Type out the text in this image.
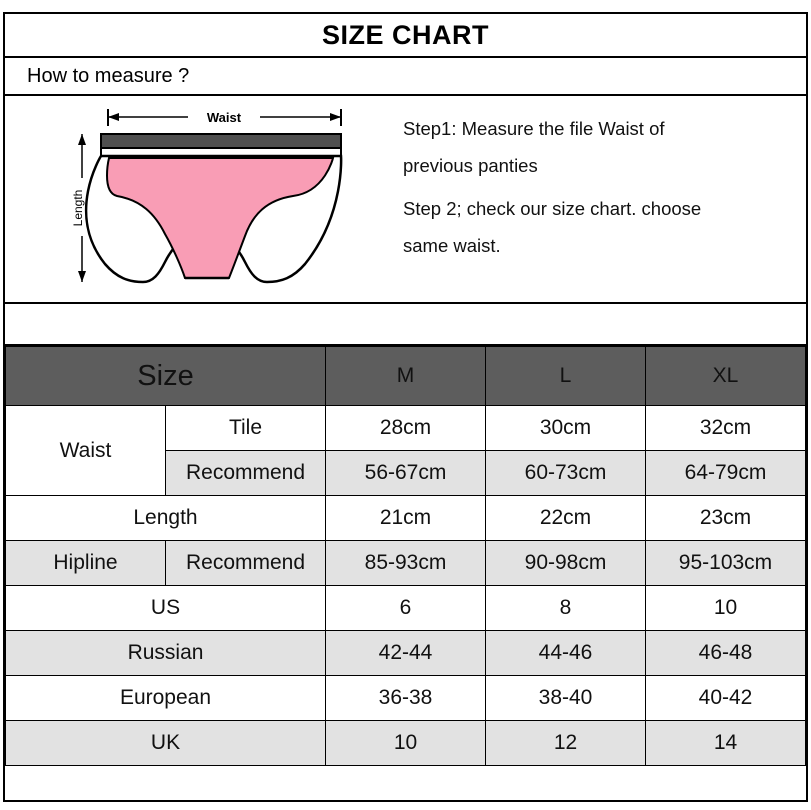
SIZE CHART
How to measure ?
Waist
Length
Step1: Measure the file Waist of
previous panties
Step 2; check our size chart. choose
same waist.
Size		M	L	XL
Waist	Tile	28cm	30cm	32cm
	Recommend	56-67cm	60-73cm	64-79cm
Length		21cm	22cm	23cm
Hipline	Recommend	85-93cm	90-98cm	95-103cm
US		6	8	10
Russian		42-44	44-46	46-48
European		36-38	38-40	40-42
UK		10	12	14
